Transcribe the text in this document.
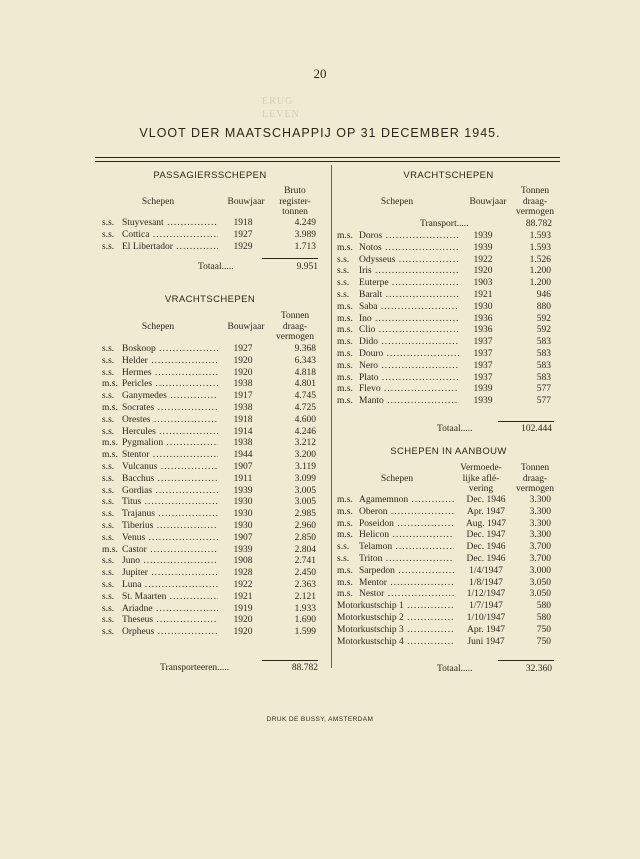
ERUG
LEVEN
20
VLOOT DER MAATSCHAPPIJ OP 31 DECEMBER 1945.
PASSAGIERSSCHEPEN
Schepen	Bouwjaar
Bruto
register-
tonnen
s.s. Stuyvesant .....	1918	4.249
s.s. Cottica .....	1927	3.989
s.s. El Libertador .....	1929	1.713
Totaal.....	9.951
VRACHTSCHEPEN
Schepen	Bouwjaar
Tonnen
draag-
vermogen
s.s. Boskoop .....	1927	9.368
s.s. Helder .....	1920	6.343
s.s. Hermes .....	1920	4.818
m.s. Pericles .....	1938	4.801
s.s. Ganymedes .....	1917	4.745
m.s. Socrates .....	1938	4.725
s.s. Orestes .....	1918	4.600
s.s. Hercules .....	1914	4.246
m.s. Pygmalion .....	1938	3.212
m.s. Stentor .....	1944	3.200
s.s. Vulcanus .....	1907	3.119
s.s. Bacchus .....	1911	3.099
s.s. Gordias .....	1939	3.005
s.s. Titus .....	1930	3.005
s.s. Trajanus .....	1930	2.985
s.s. Tiberius .....	1930	2.960
s.s. Venus .....	1907	2.850
m.s. Castor .....	1939	2.804
s.s. Juno .....	1908	2.741
s.s. Jupiter .....	1928	2.450
s.s. Luna .....	1922	2.363
s.s. St. Maarten .....	1921	2.121
s.s. Ariadne .....	1919	1.933
s.s. Theseus .....	1920	1.690
s.s. Orpheus .....	1920	1.599
Transporteeren.....	88.782
VRACHTSCHEPEN
Schepen	Bouwjaar
Tonnen
draag-
vermogen
Transport.....	88.782
m.s. Doros .....	1939	1.593
m.s. Notos .....	1939	1.593
s.s.	Odysseus .....	1922	1.526
s.s.	Iris .....	1920	1.200
s.s.	Euterpe .....	1903	1.200
s.s.	Baralt .....	1921	946
m.s. Saba .....	1930	880
m.s. Ino .....	1936	592
m.s. Clio .....	1936	592
m.s. Dido .....	1937	583
m.s. Douro .....	1937	583
m.s. Nero .....	1937	583
m.s. Plato .....	1937	583
m.s. Flevo .....	1939	577
m.s. Manto .....	1939	577
Totaal.....	102.444
SCHEPEN IN AANBOUW
Schepen
Vermoede-
lijke aflé-
vering
Tonnen
draag-
vermogen
m.s. Agamemnon .....	Dec. 1946	3.300
m.s. Oberon .....	Apr. 1947	3.300
m.s. Poseidon .....	Aug. 1947	3.300
m.s. Helicon .....	Dec. 1947	3.300
s.s.	Telamon .....	Dec. 1946	3.700
s.s.	Triton .....	Dec. 1946	3.700
m.s. Sarpedon .....	1/4/1947	3.000
m.s. Mentor .....	1/8/1947	3.050
m.s. Nestor .....	1/12/1947	3.050
Motorkustschip 1 .....	1/7/1947	580
Motorkustschip 2 .....	1/10/1947	580
Motorkustschip 3 .....	Apr. 1947	750
Motorkustschip 4 .....	Juni 1947	750
Totaal.....	32.360
DRUK DE BUSSY, AMSTERDAM
